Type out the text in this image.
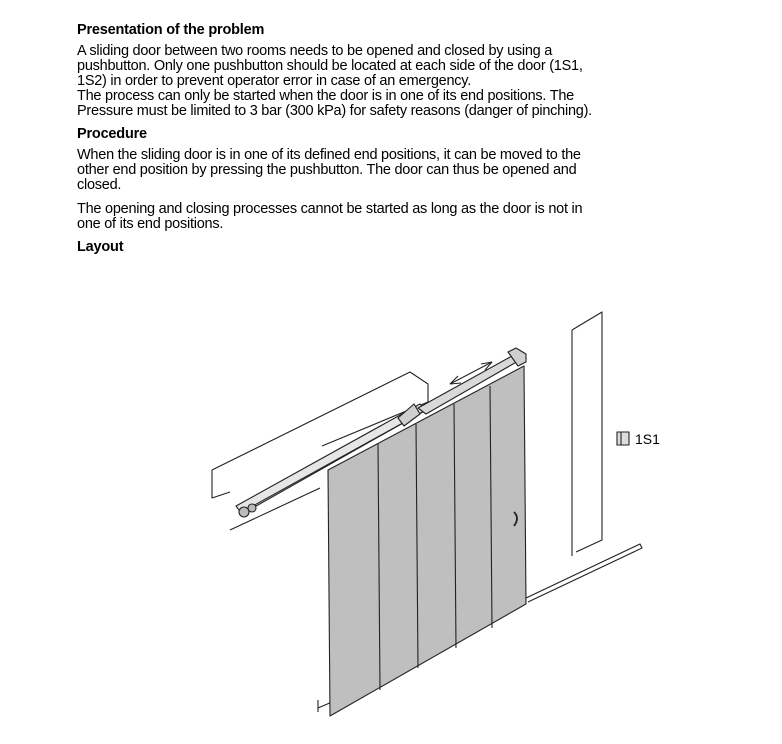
Presentation of the problem

A sliding door between two rooms needs to be opened and closed by using a
pushbutton. Only one pushbutton should be located at each side of the door (1S1,
1S2) in order to prevent operator error in case of an emergency.

The process can only be started when the door is in one of its end positions. The
Pressure must be limited to 3 bar (300 kPa) for safety reasons (danger of pinching).

Procedure

When the sliding door is in one of its defined end positions, it can be moved to the
other end position by pressing the pushbutton. The door can thus be opened and
closed.

The opening and closing processes cannot be started as long as the door is not in
one of its end positions.

Layout
1S1
